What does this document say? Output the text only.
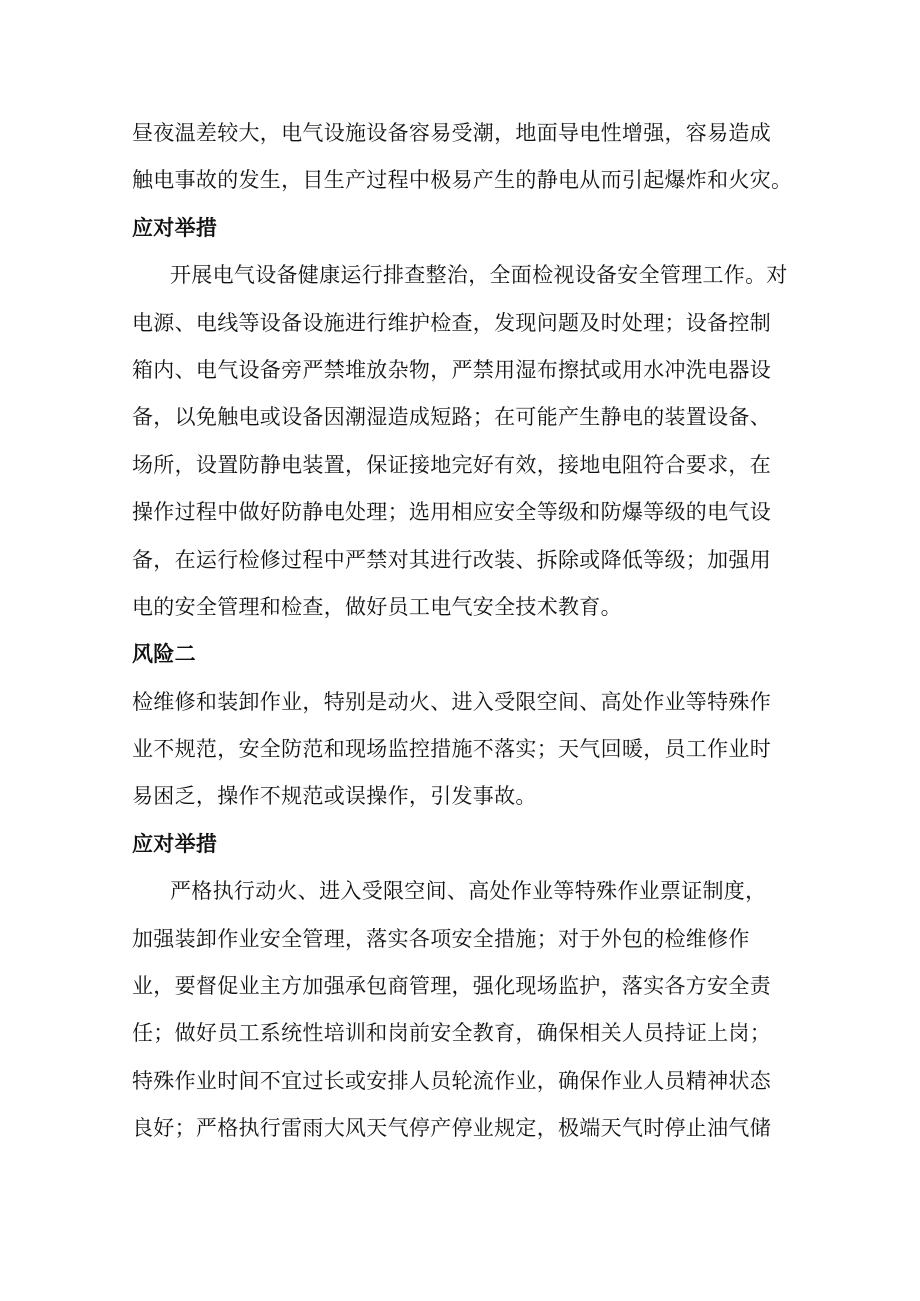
昼夜温差较大，电气设施设备容易受潮，地面导电性增强，容易造成
触电事故的发生，目生产过程中极易产生的静电从而引起爆炸和火灾。
应对举措
开展电气设备健康运行排查整治，全面检视设备安全管理工作。对
电源、电线等设备设施进行维护检查，发现问题及时处理；设备控制
箱内、电气设备旁严禁堆放杂物，严禁用湿布擦拭或用水冲洗电器设
备，以免触电或设备因潮湿造成短路；在可能产生静电的装置设备、
场所，设置防静电装置，保证接地完好有效，接地电阻符合要求，在
操作过程中做好防静电处理；选用相应安全等级和防爆等级的电气设
备，在运行检修过程中严禁对其进行改装、拆除或降低等级；加强用
电的安全管理和检查，做好员工电气安全技术教育。
风险二
检维修和装卸作业，特别是动火、进入受限空间、高处作业等特殊作
业不规范，安全防范和现场监控措施不落实；天气回暖，员工作业时
易困乏，操作不规范或误操作，引发事故。
应对举措
严格执行动火、进入受限空间、高处作业等特殊作业票证制度，
加强装卸作业安全管理，落实各项安全措施；对于外包的检维修作
业，要督促业主方加强承包商管理，强化现场监护，落实各方安全责
任；做好员工系统性培训和岗前安全教育，确保相关人员持证上岗；
特殊作业时间不宜过长或安排人员轮流作业，确保作业人员精神状态
良好；严格执行雷雨大风天气停产停业规定，极端天气时停止油气储
